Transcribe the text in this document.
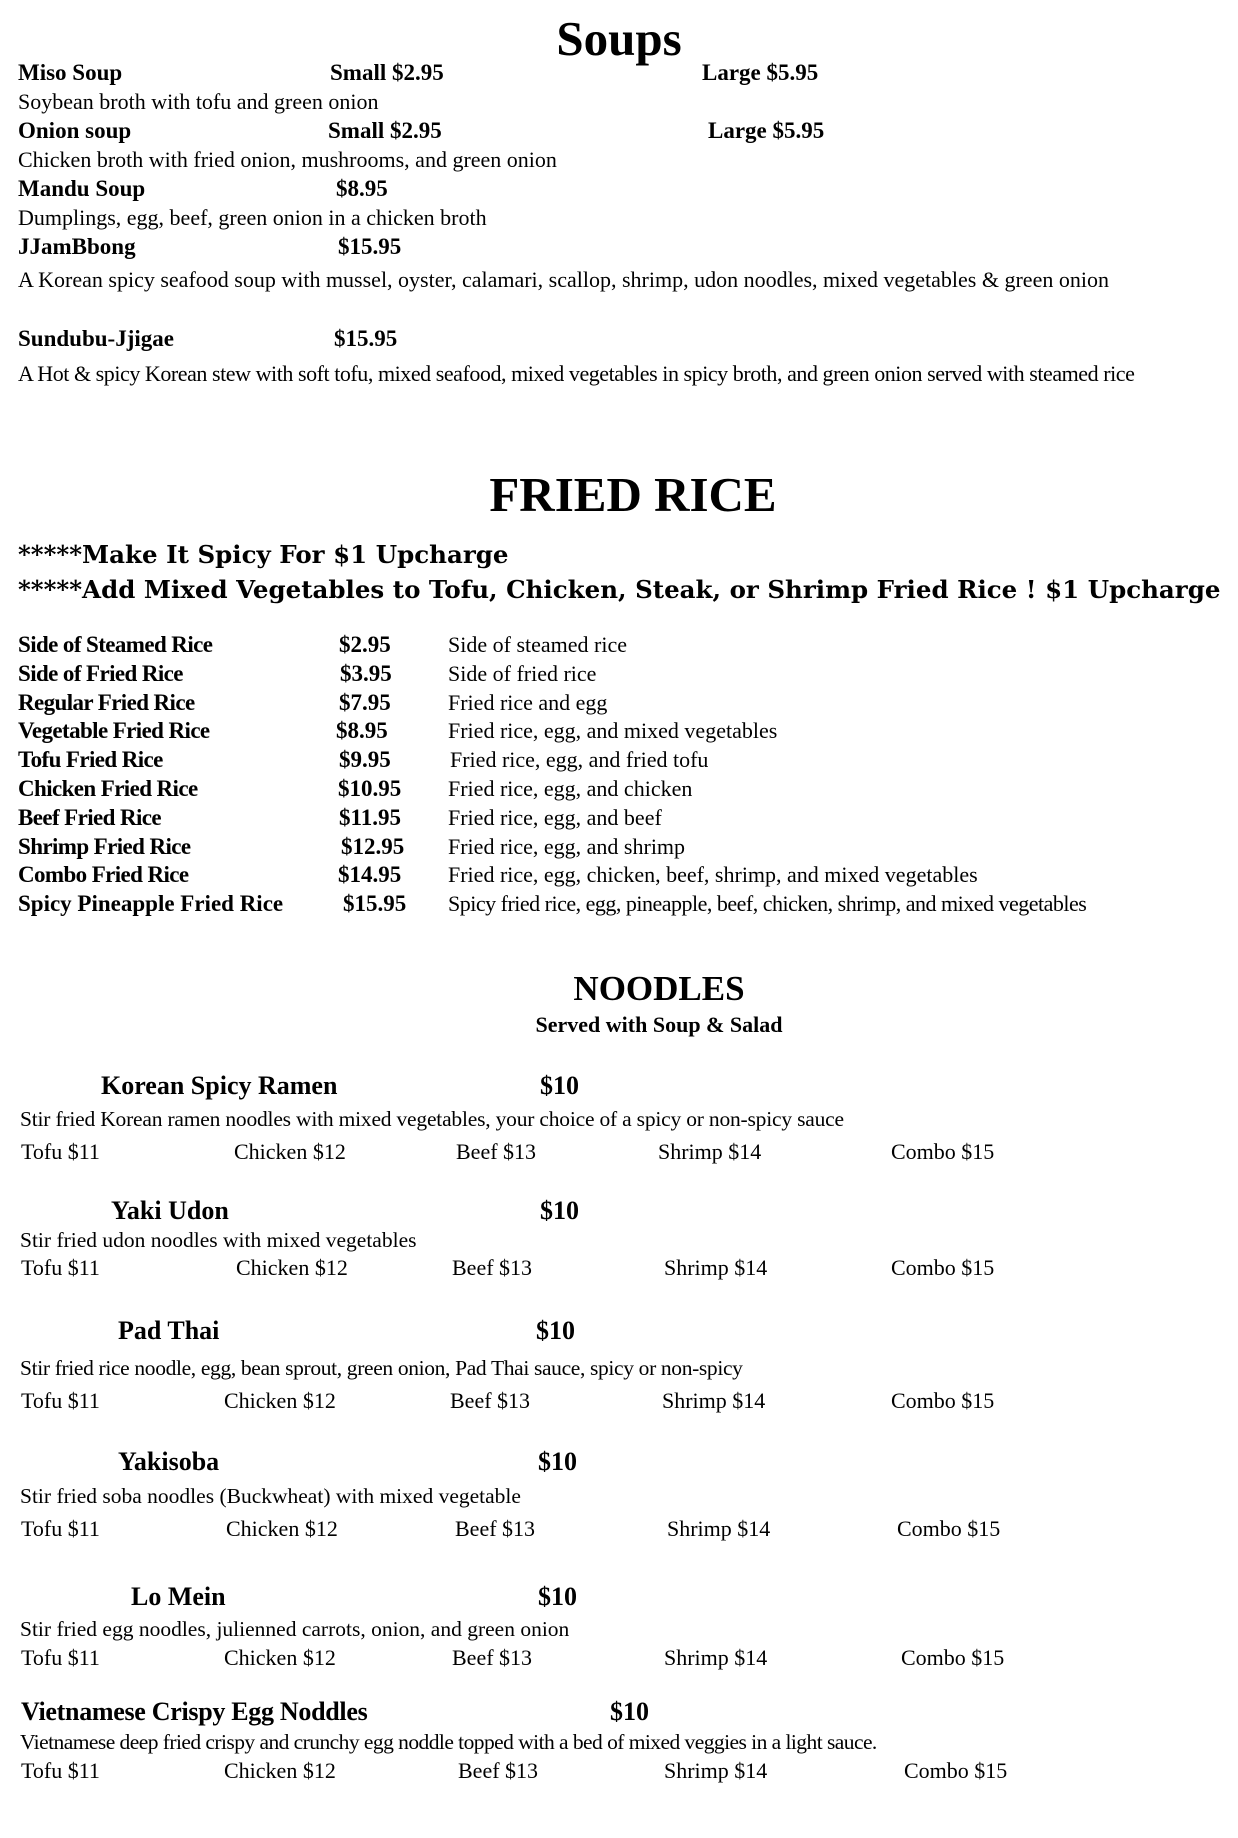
Soups
Miso Soup	Small $2.95	Large $5.95
Soybean broth with tofu and green onion
Onion soup	Small $2.95	Large $5.95
Chicken broth with fried onion, mushrooms, and green onion
Mandu Soup	$8.95
Dumplings, egg, beef, green onion in a chicken broth
JJamBbong	$15.95
A Korean spicy seafood soup with mussel, oyster, calamari, scallop, shrimp, udon noodles, mixed vegetables & green onion
Sundubu-Jjigae	$15.95
A Hot & spicy Korean stew with soft tofu, mixed seafood, mixed vegetables in spicy broth, and green onion served with steamed rice
FRIED RICE
*****Make It Spicy For $1 Upcharge
*****Add Mixed Vegetables to Tofu, Chicken, Steak, or Shrimp Fried Rice ! $1 Upcharge
Side of Steamed Rice	$2.95	Side of steamed rice
Side of Fried Rice	$3.95	Side of fried rice
Regular Fried Rice	$7.95	Fried rice and egg
Vegetable Fried Rice	$8.95	Fried rice, egg, and mixed vegetables
Tofu Fried Rice	$9.95	Fried rice, egg, and fried tofu
Chicken Fried Rice	$10.95 Fried rice, egg, and chicken
Beef Fried Rice	$11.95 Fried rice, egg, and beef
Shrimp Fried Rice	$12.95 Fried rice, egg, and shrimp
Combo Fried Rice	$14.95 Fried rice, egg, chicken, beef, shrimp, and mixed vegetables
Spicy Pineapple Fried Rice	$15.95 Spicy fried rice, egg, pineapple, beef, chicken, shrimp, and mixed vegetables
NOODLES
Served with Soup & Salad
Korean Spicy Ramen	$10
Stir fried Korean ramen noodles with mixed vegetables, your choice of a spicy or non-spicy sauce
Tofu $11	Chicken $12	Beef $13	Shrimp $14	Combo $15
Yaki Udon	$10
Stir fried udon noodles with mixed vegetables
Tofu $11	Chicken $12	Beef $13	Shrimp $14	Combo $15
Pad Thai	$10
Stir fried rice noodle, egg, bean sprout, green onion, Pad Thai sauce, spicy or non-spicy
Tofu $11	Chicken $12	Beef $13	Shrimp $14	Combo $15
Yakisoba	$10
Stir fried soba noodles (Buckwheat) with mixed vegetable
Tofu $11	Chicken $12	Beef $13	Shrimp $14	Combo $15
Lo Mein	$10
Stir fried egg noodles, julienned carrots, onion, and green onion
Tofu $11	Chicken $12	Beef $13	Shrimp $14	Combo $15
Vietnamese Crispy Egg Noddles	$10
Vietnamese deep fried crispy and crunchy egg noddle topped with a bed of mixed veggies in a light sauce.
Tofu $11	Chicken $12	Beef $13	Shrimp $14	Combo $15
